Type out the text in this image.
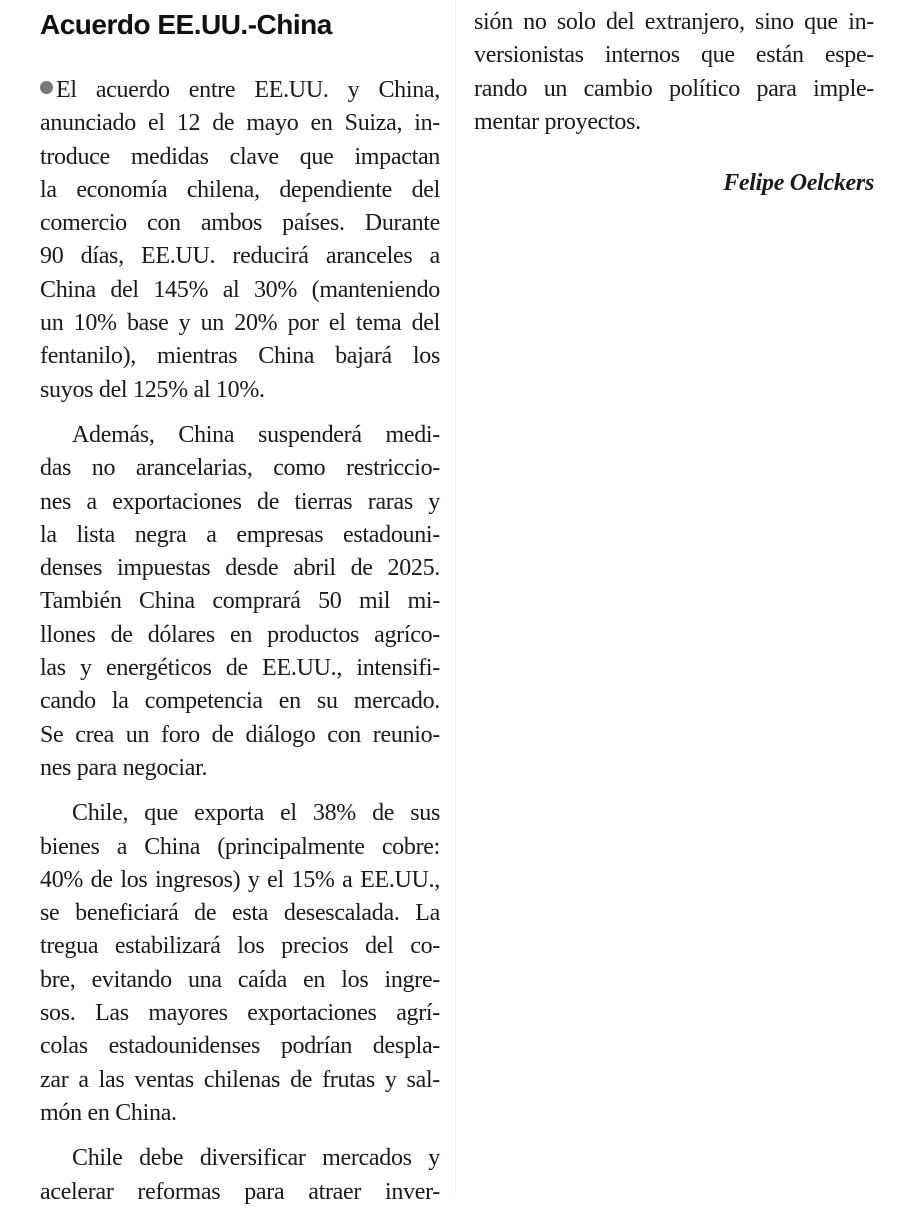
Acuerdo EE.UU.-China
El acuerdo entre EE.UU. y China,
anunciado el 12 de mayo en Suiza, in-
troduce medidas clave que impactan
la economía chilena, dependiente del
comercio con ambos países. Durante
90 días, EE.UU. reducirá aranceles a
China del 145% al 30% (manteniendo
un 10% base y un 20% por el tema del
fentanilo), mientras China bajará los
suyos del 125% al 10%.
Además, China suspenderá medi-
das no arancelarias, como restriccio-
nes a exportaciones de tierras raras y
la lista negra a empresas estadouni-
denses impuestas desde abril de 2025.
También China comprará 50 mil mi-
llones de dólares en productos agríco-
las y energéticos de EE.UU., intensifi-
cando la competencia en su mercado.
Se crea un foro de diálogo con reunio-
nes para negociar.
Chile, que exporta el 38% de sus
bienes a China (principalmente cobre:
40% de los ingresos) y el 15% a EE.UU.,
se beneficiará de esta desescalada. La
tregua estabilizará los precios del co-
bre, evitando una caída en los ingre-
sos. Las mayores exportaciones agrí-
colas estadounidenses podrían despla-
zar a las ventas chilenas de frutas y sal-
món en China.
Chile debe diversificar mercados y
acelerar reformas para atraer inver-
sión no solo del extranjero, sino que in-
versionistas internos que están espe-
rando un cambio político para imple-
mentar proyectos.
Felipe Oelckers
